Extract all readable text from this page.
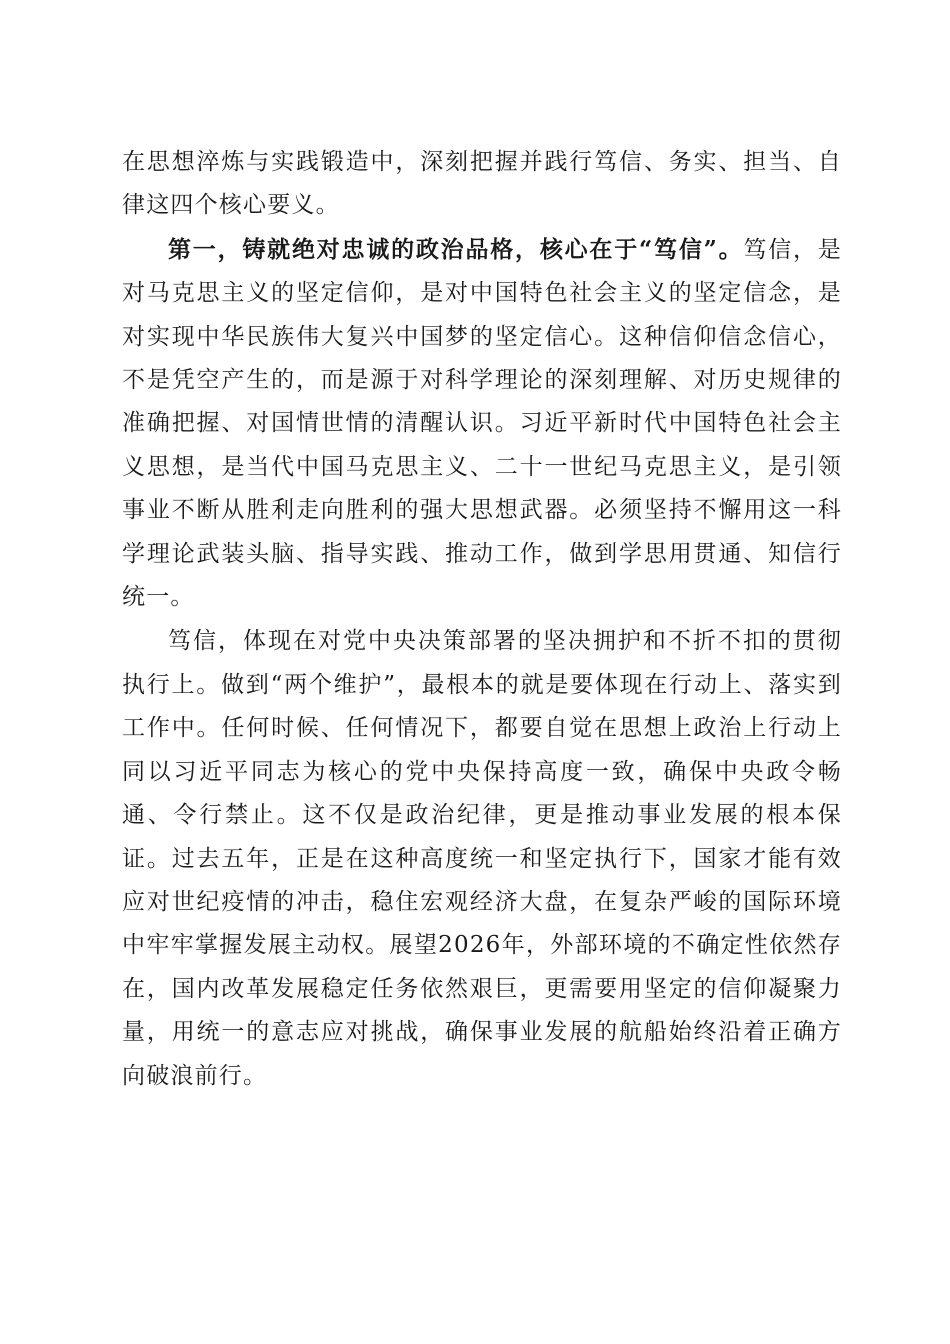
在思想淬炼与实践锻造中，深刻把握并践行笃信、务实、担当、自律这四个核心要义。

第一，铸就绝对忠诚的政治品格，核心在于“笃信”。笃信，是对马克思主义的坚定信仰，是对中国特色社会主义的坚定信念，是对实现中华民族伟大复兴中国梦的坚定信心。这种信仰信念信心，不是凭空产生的，而是源于对科学理论的深刻理解、对历史规律的准确把握、对国情世情的清醒认识。习近平新时代中国特色社会主义思想，是当代中国马克思主义、二十一世纪马克思主义，是引领事业不断从胜利走向胜利的强大思想武器。必须坚持不懈用这一科学理论武装头脑、指导实践、推动工作，做到学思用贯通、知信行统一。

笃信，体现在对党中央决策部署的坚决拥护和不折不扣的贯彻执行上。做到“两个维护”，最根本的就是要体现在行动上、落实到工作中。任何时候、任何情况下，都要自觉在思想上政治上行动上同以习近平同志为核心的党中央保持高度一致，确保中央政令畅通、令行禁止。这不仅是政治纪律，更是推动事业发展的根本保证。过去五年，正是在这种高度统一和坚定执行下，国家才能有效应对世纪疫情的冲击，稳住宏观经济大盘，在复杂严峻的国际环境中牢牢掌握发展主动权。展望2026年，外部环境的不确定性依然存在，国内改革发展稳定任务依然艰巨，更需要用坚定的信仰凝聚力量，用统一的意志应对挑战，确保事业发展的航船始终沿着正确方向破浪前行。
